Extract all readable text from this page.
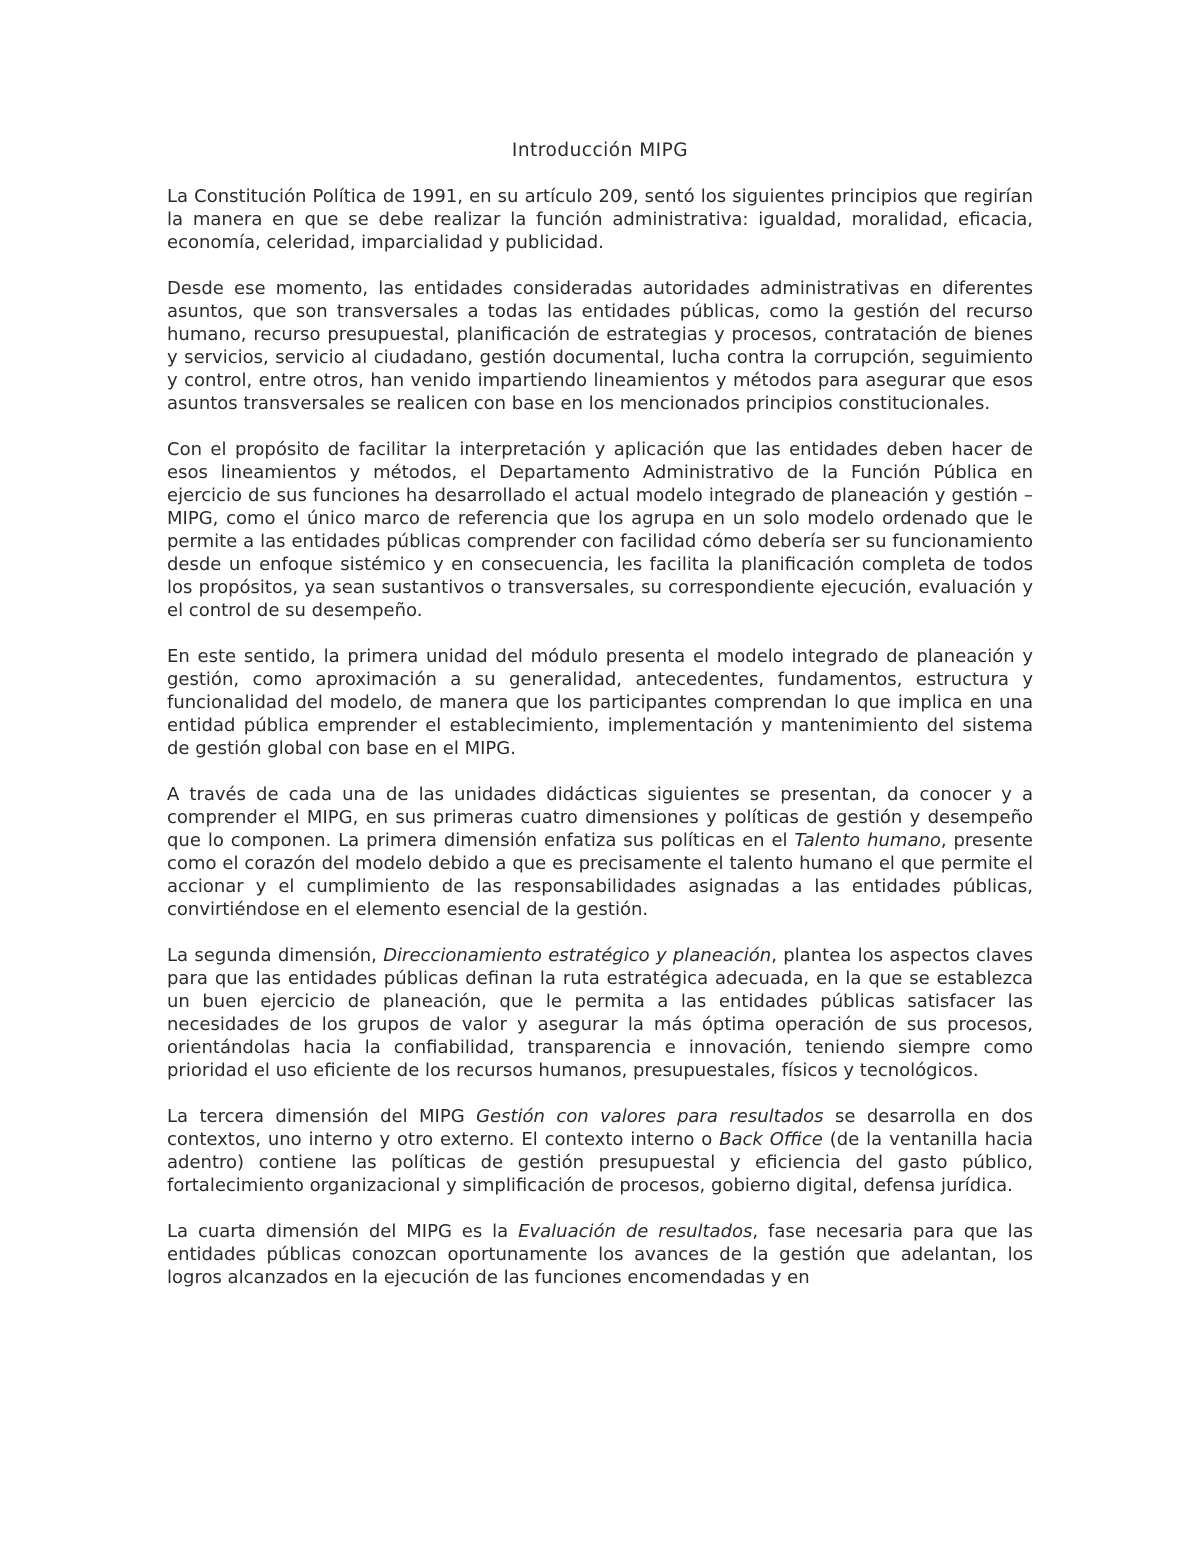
Introducción MIPG

La Constitución Política de 1991, en su artículo 209, sentó los siguientes principios que regirían la manera en que se debe realizar la función administrativa: igualdad, moralidad, eficacia, economía, celeridad, imparcialidad y publicidad.

Desde ese momento, las entidades consideradas autoridades administrativas en diferentes asuntos, que son transversales a todas las entidades públicas, como la gestión del recurso humano, recurso presupuestal, planificación de estrategias y procesos, contratación de bienes y servicios, servicio al ciudadano, gestión documental, lucha contra la corrupción, seguimiento y control, entre otros, han venido impartiendo lineamientos y métodos para asegurar que esos asuntos transversales se realicen con base en los mencionados principios constitucionales.

Con el propósito de facilitar la interpretación y aplicación que las entidades deben hacer de esos lineamientos y métodos, el Departamento Administrativo de la Función Pública en ejercicio de sus funciones ha desarrollado el actual modelo integrado de planeación y gestión – MIPG, como el único marco de referencia que los agrupa en un solo modelo ordenado que le permite a las entidades públicas comprender con facilidad cómo debería ser su funcionamiento desde un enfoque sistémico y en consecuencia, les facilita la planificación completa de todos los propósitos, ya sean sustantivos o transversales, su correspondiente ejecución, evaluación y el control de su desempeño.

En este sentido, la primera unidad del módulo presenta el modelo integrado de planeación y gestión, como aproximación a su generalidad, antecedentes, fundamentos, estructura y funcionalidad del modelo, de manera que los participantes comprendan lo que implica en una entidad pública emprender el establecimiento, implementación y mantenimiento del sistema de gestión global con base en el MIPG.

A través de cada una de las unidades didácticas siguientes se presentan, da conocer y a comprender el MIPG, en sus primeras cuatro dimensiones y políticas de gestión y desempeño que lo componen. La primera dimensión enfatiza sus políticas en el Talento humano, presente como el corazón del modelo debido a que es precisamente el talento humano el que permite el accionar y el cumplimiento de las responsabilidades asignadas a las entidades públicas, convirtiéndose en el elemento esencial de la gestión.

La segunda dimensión, Direccionamiento estratégico y planeación, plantea los aspectos claves para que las entidades públicas definan la ruta estratégica adecuada, en la que se establezca un buen ejercicio de planeación, que le permita a las entidades públicas satisfacer las necesidades de los grupos de valor y asegurar la más óptima operación de sus procesos, orientándolas hacia la confiabilidad, transparencia e innovación, teniendo siempre como prioridad el uso eficiente de los recursos humanos, presupuestales, físicos y tecnológicos.

La tercera dimensión del MIPG Gestión con valores para resultados se desarrolla en dos contextos, uno interno y otro externo. El contexto interno o Back Office (de la ventanilla hacia adentro) contiene las políticas de gestión presupuestal y eficiencia del gasto público, fortalecimiento organizacional y simplificación de procesos, gobierno digital, defensa jurídica.

La cuarta dimensión del MIPG es la Evaluación de resultados, fase necesaria para que las entidades públicas conozcan oportunamente los avances de la gestión que adelantan, los logros alcanzados en la ejecución de las funciones encomendadas y en
